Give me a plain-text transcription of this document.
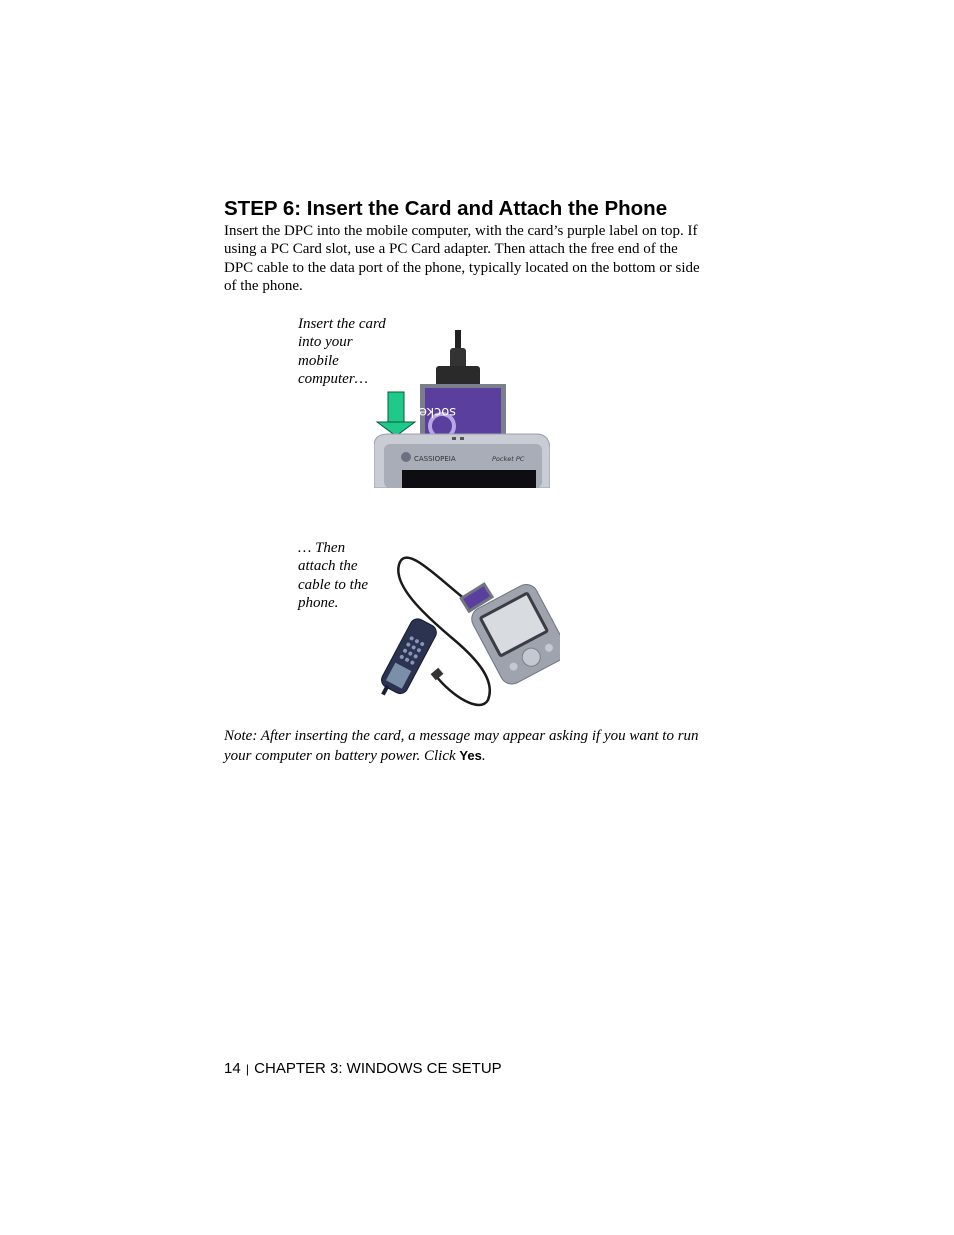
STEP 6: Insert the Card and Attach the Phone

Insert the DPC into the mobile computer, with the card’s purple label on top. If using a PC Card slot, use a PC Card adapter. Then attach the free end of the DPC cable to the data port of the phone, typically located on the bottom or side of the phone.

Insert the card into your mobile computer…

socket
CASSIOPEIA	Pocket PC

… Then attach the cable to the phone.

Note: After inserting the card, a message may appear asking if you want to run your computer on battery power. Click Yes.

14 | CHAPTER 3: WINDOWS CE SETUP
